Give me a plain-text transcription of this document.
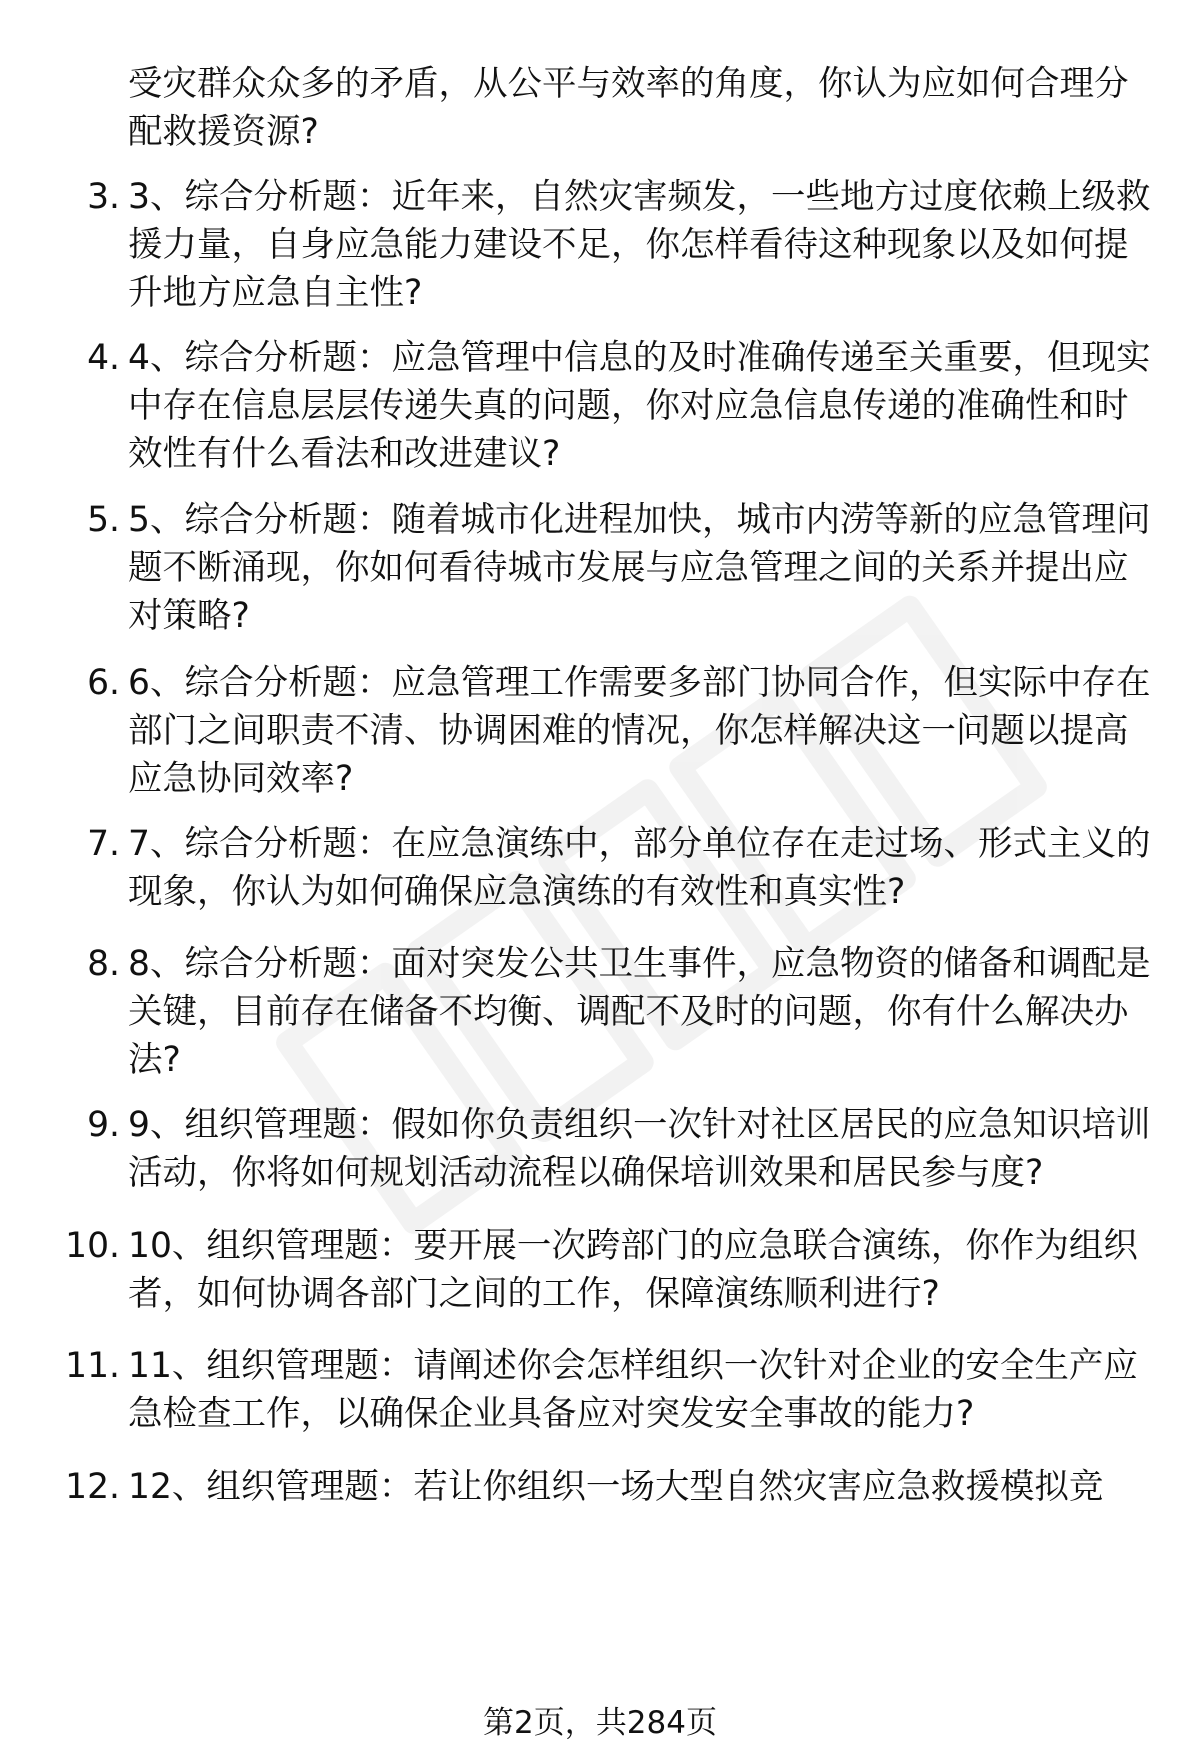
受灾群众众多的矛盾，从公平与效率的角度，你认为应如何合理分配救援资源?

3. 3、综合分析题：近年来，自然灾害频发，一些地方过度依赖上级救援力量，自身应急能力建设不足，你怎样看待这种现象以及如何提升地方应急自主性?

4. 4、综合分析题：应急管理中信息的及时准确传递至关重要，但现实中存在信息层层传递失真的问题，你对应急信息传递的准确性和时效性有什么看法和改进建议?

5. 5、综合分析题：随着城市化进程加快，城市内涝等新的应急管理问题不断涌现，你如何看待城市发展与应急管理之间的关系并提出应对策略?

6. 6、综合分析题：应急管理工作需要多部门协同合作，但实际中存在部门之间职责不清、协调困难的情况，你怎样解决这一问题以提高应急协同效率?

7. 7、综合分析题：在应急演练中，部分单位存在走过场、形式主义的现象，你认为如何确保应急演练的有效性和真实性?

8. 8、综合分析题：面对突发公共卫生事件，应急物资的储备和调配是关键，目前存在储备不均衡、调配不及时的问题，你有什么解决办法?

9. 9、组织管理题：假如你负责组织一次针对社区居民的应急知识培训活动，你将如何规划活动流程以确保培训效果和居民参与度?

10. 10、组织管理题：要开展一次跨部门的应急联合演练，你作为组织者，如何协调各部门之间的工作，保障演练顺利进行?

11. 11、组织管理题：请阐述你会怎样组织一次针对企业的安全生产应急检查工作，以确保企业具备应对突发安全事故的能力?

12. 12、组织管理题：若让你组织一场大型自然灾害应急救援模拟竞

第2页，共284页
